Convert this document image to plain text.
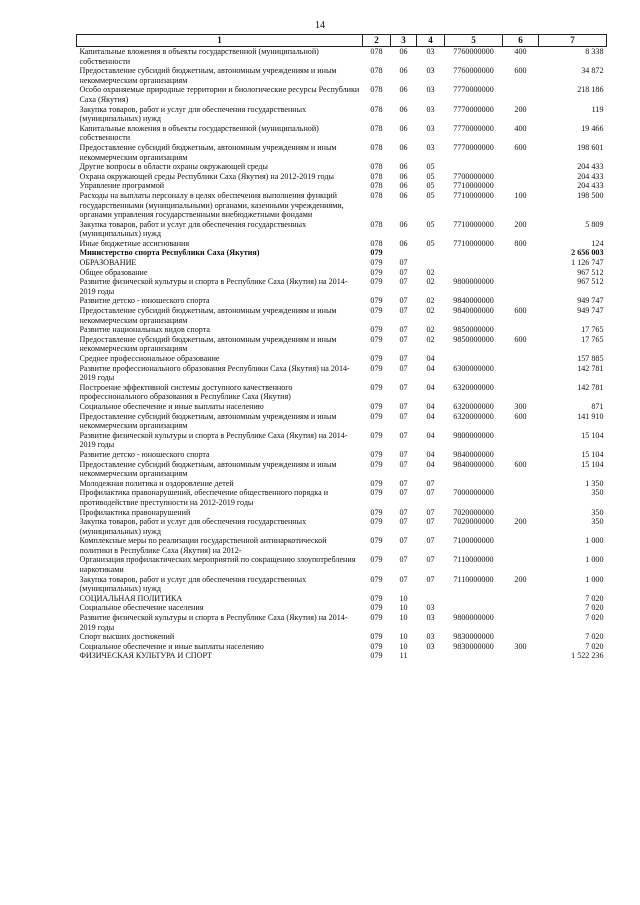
14
1	2	3	4	5	6	7
Капитальные вложения в объекты государственной (муниципальной) собственности	078	06	03	7760000000	400	8 338
Предоставление субсидий бюджетным, автономным учреждениям и иным некоммерческим организациям	078	06	03	7760000000	600	34 872
Особо охраняемые природные территории и биологические ресурсы Республики Саха (Якутия)	078	06	03	7770000000		218 186
Закупка товаров, работ и услуг для обеспечения государственных (муниципальных) нужд	078	06	03	7770000000	200	119
Капитальные вложения в объекты государственной (муниципальной) собственности	078	06	03	7770000000	400	19 466
Предоставление субсидий бюджетным, автономным учреждениям и иным некоммерческим организациям	078	06	03	7770000000	600	198 601
Другие вопросы в области охраны окружающей среды	078	06	05			204 433
Охрана окружающей среды Республики Саха (Якутия) на 2012-2019 годы	078	06	05	7700000000		204 433
Управление программой	078	06	05	7710000000		204 433
Расходы на выплаты персоналу в целях обеспечения выполнения функций государственными (муниципальными) органами, казенными учреждениями, органами управления государственными внебюджетными фондами	078	06	05	7710000000	100	198 500
Закупка товаров, работ и услуг для обеспечения государственных (муниципальных) нужд	078	06	05	7710000000	200	5 809
Иные бюджетные ассигнования	078	06	05	7710000000	800	124
Министерство спорта Республики Саха (Якутия)	079					2 656 003
ОБРАЗОВАНИЕ	079	07				1 126 747
Общее образование	079	07	02			967 512
Развитие физической культуры и спорта в Республике Саха (Якутия) на 2014-2019 годы	079	07	02	9800000000		967 512
Развитие детско - юношеского спорта	079	07	02	9840000000		949 747
Предоставление субсидий бюджетным, автономным учреждениям и иным некоммерческим организациям	079	07	02	9840000000	600	949 747
Развитие национальных видов спорта	079	07	02	9850000000		17 765
Предоставление субсидий бюджетным, автономным учреждениям и иным некоммерческим организациям	079	07	02	9850000000	600	17 765
Среднее профессиональное образование	079	07	04			157 885
Развитие профессионального образования Республики Саха (Якутия) на 2014-2019 годы	079	07	04	6300000000		142 781
Построение эффективной системы доступного качественного профессионального образования в Республике Саха (Якутия)	079	07	04	6320000000		142 781
Социальное обеспечение и иные выплаты населению	079	07	04	6320000000	300	871
Предоставление субсидий бюджетным, автономным учреждениям и иным некоммерческим организациям	079	07	04	6320000000	600	141 910
Развитие физической культуры и спорта в Республике Саха (Якутия) на 2014-2019 годы	079	07	04	9800000000		15 104
Развитие детско - юношеского спорта	079	07	04	9840000000		15 104
Предоставление субсидий бюджетным, автономным учреждениям и иным некоммерческим организациям	079	07	04	9840000000	600	15 104
Молодежная политика и оздоровление детей	079	07	07			1 350
Профилактика правонарушений, обеспечение общественного порядка и противодействие преступности на 2012-2019 годы	079	07	07	7000000000		350
Профилактика правонарушений	079	07	07	7020000000		350
Закупка товаров, работ и услуг для обеспечения государственных (муниципальных) нужд	079	07	07	7020000000	200	350
Комплексные меры по реализации государственной антинаркотической политики в Республике Саха (Якутия) на 2012-	079	07	07	7100000000		1 000
Организация профилактических мероприятий по сокращению злоупотребления наркотиками	079	07	07	7110000000		1 000
Закупка товаров, работ и услуг для обеспечения государственных (муниципальных) нужд	079	07	07	7110000000	200	1 000
СОЦИАЛЬНАЯ ПОЛИТИКА	079	10				7 020
Социальное обеспечение населения	079	10	03			7 020
Развитие физической культуры и спорта в Республике Саха (Якутия) на 2014-2019 годы	079	10	03	9800000000		7 020
Спорт высших достижений	079	10	03	9830000000		7 020
Социальное обеспечение и иные выплаты населению	079	10	03	9830000000	300	7 020
ФИЗИЧЕСКАЯ КУЛЬТУРА И СПОРТ	079	11				1 522 236
